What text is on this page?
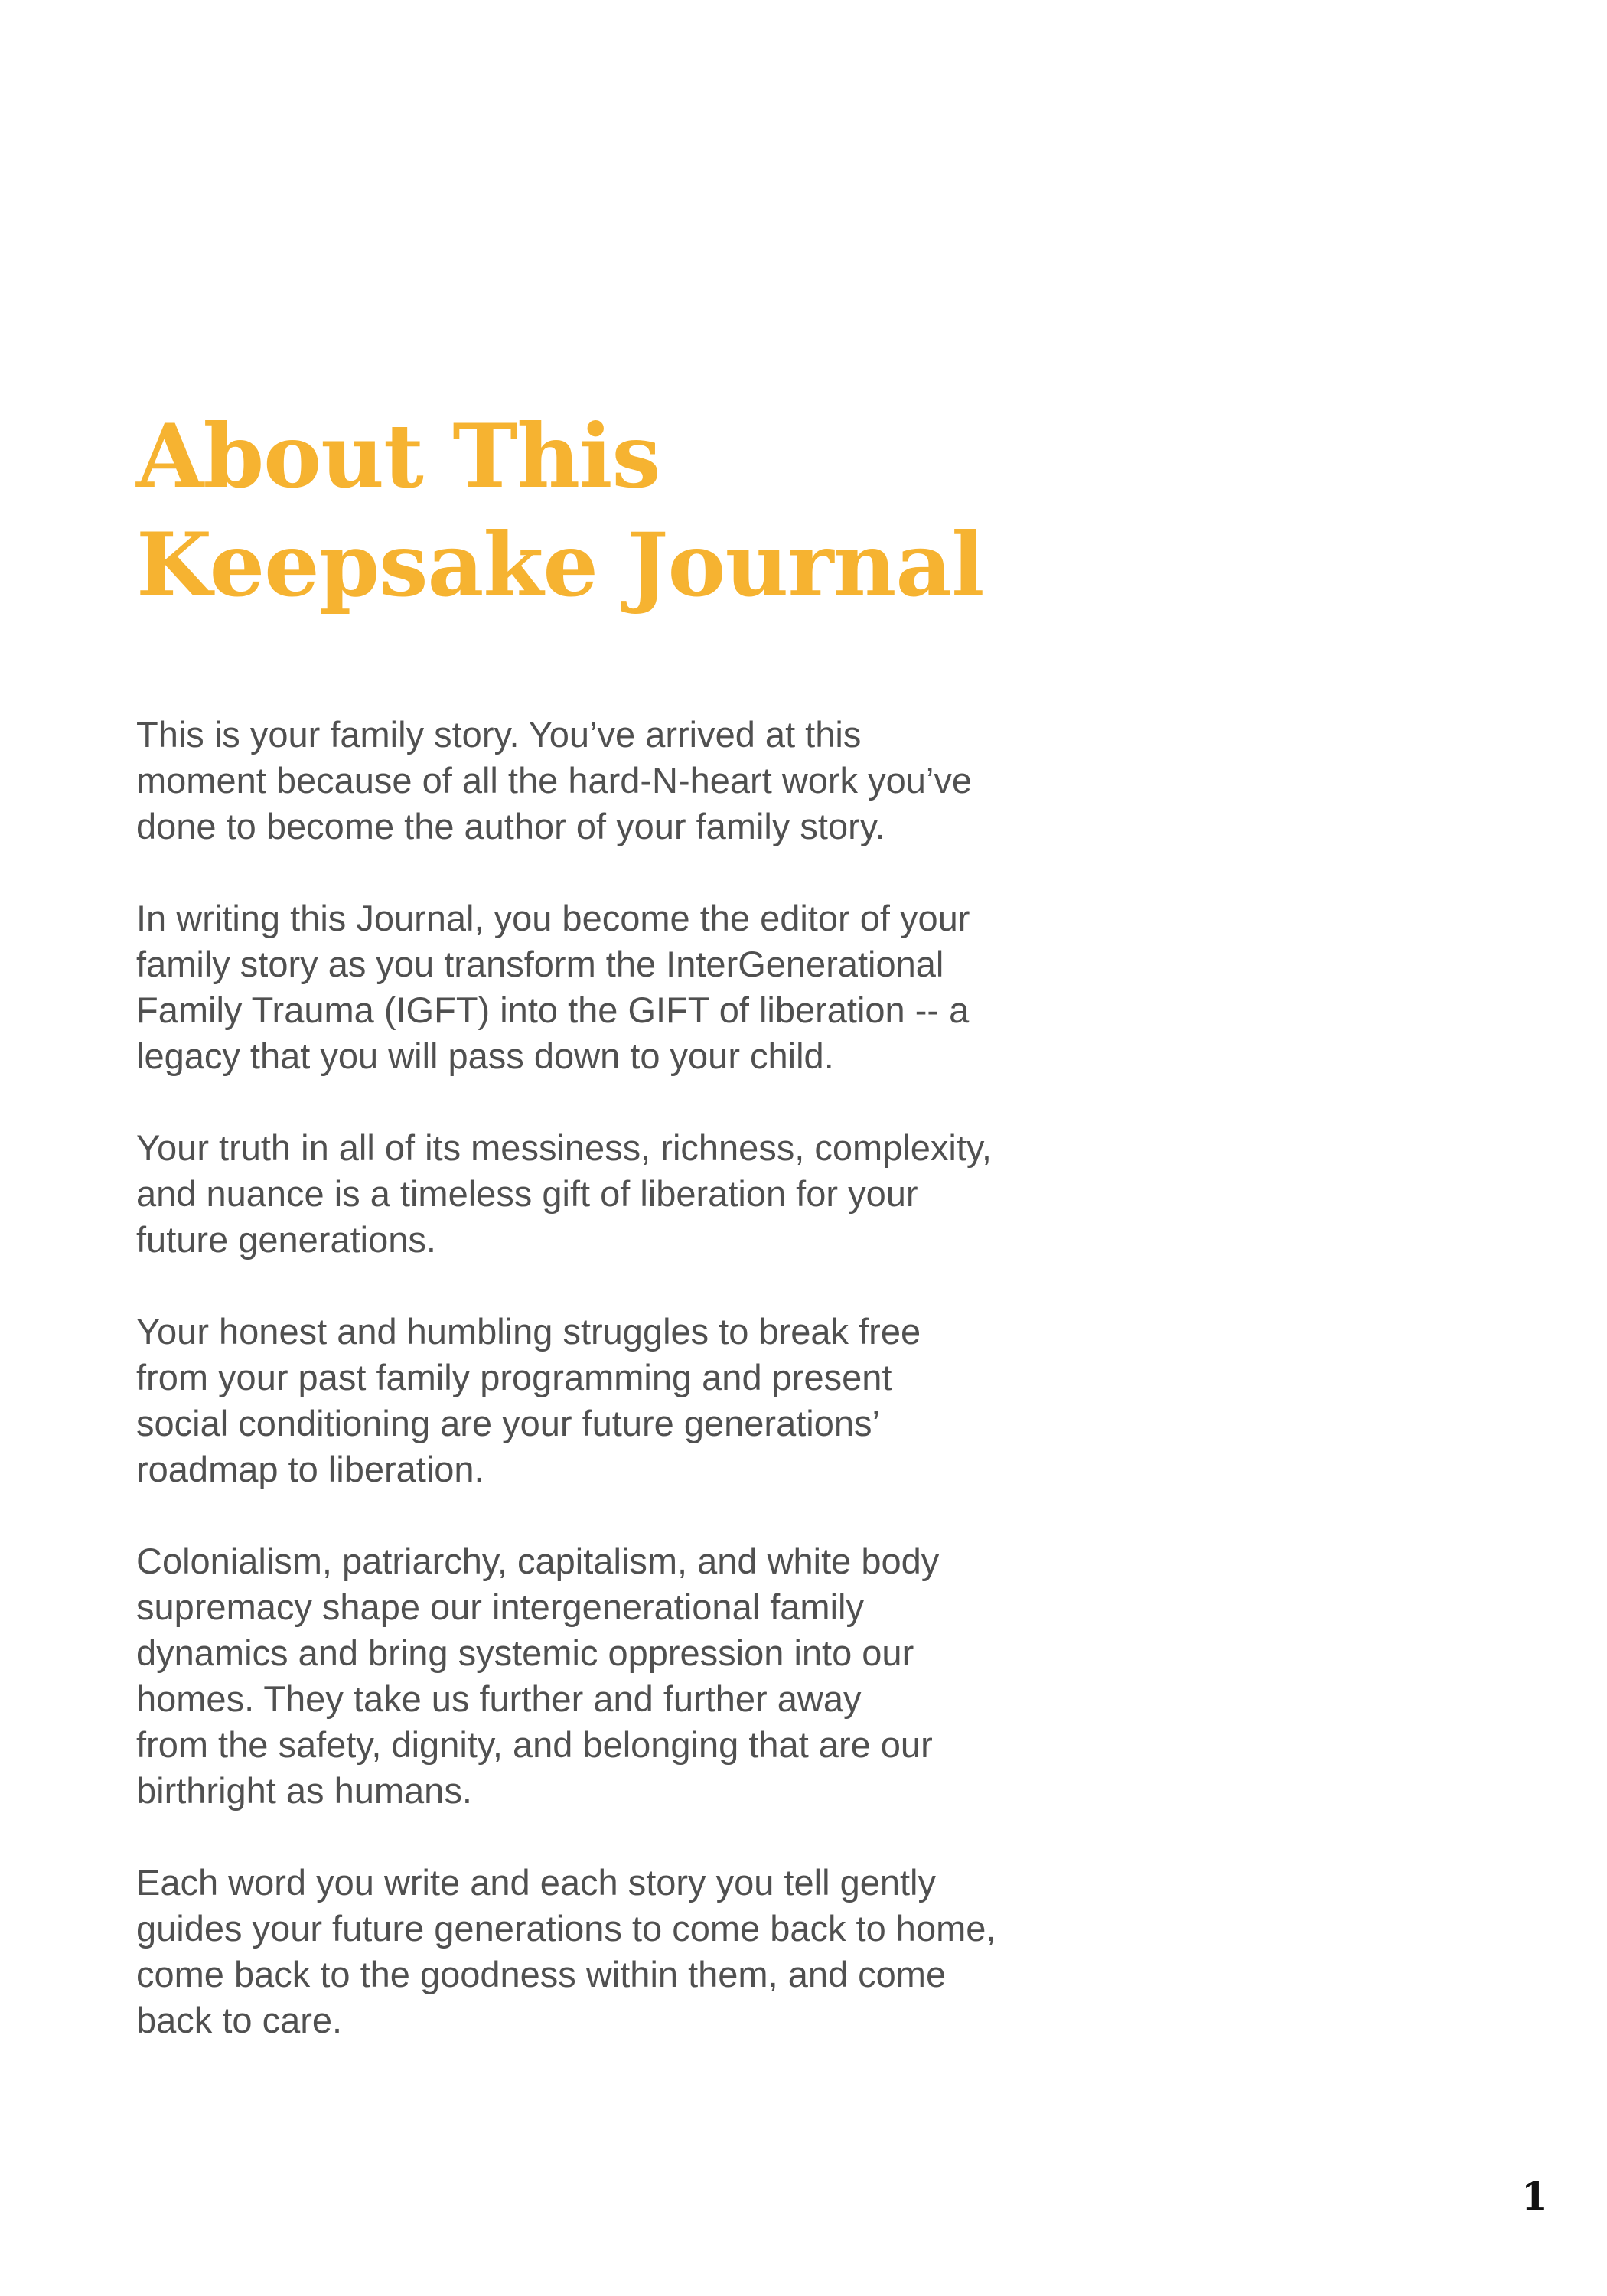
About This
Keepsake Journal

This is your family story. You’ve arrived at this
moment because of all the hard-N-heart work you’ve
done to become the author of your family story.

In writing this Journal, you become the editor of your
family story as you transform the InterGenerational
Family Trauma (IGFT) into the GIFT of liberation -- a
legacy that you will pass down to your child.

Your truth in all of its messiness, richness, complexity,
and nuance is a timeless gift of liberation for your
future generations.

Your honest and humbling struggles to break free
from your past family programming and present
social conditioning are your future generations’
roadmap to liberation.

Colonialism, patriarchy, capitalism, and white body
supremacy shape our intergenerational family
dynamics and bring systemic oppression into our
homes. They take us further and further away
from the safety, dignity, and belonging that are our
birthright as humans.

Each word you write and each story you tell gently
guides your future generations to come back to home,
come back to the goodness within them, and come
back to care.

1
